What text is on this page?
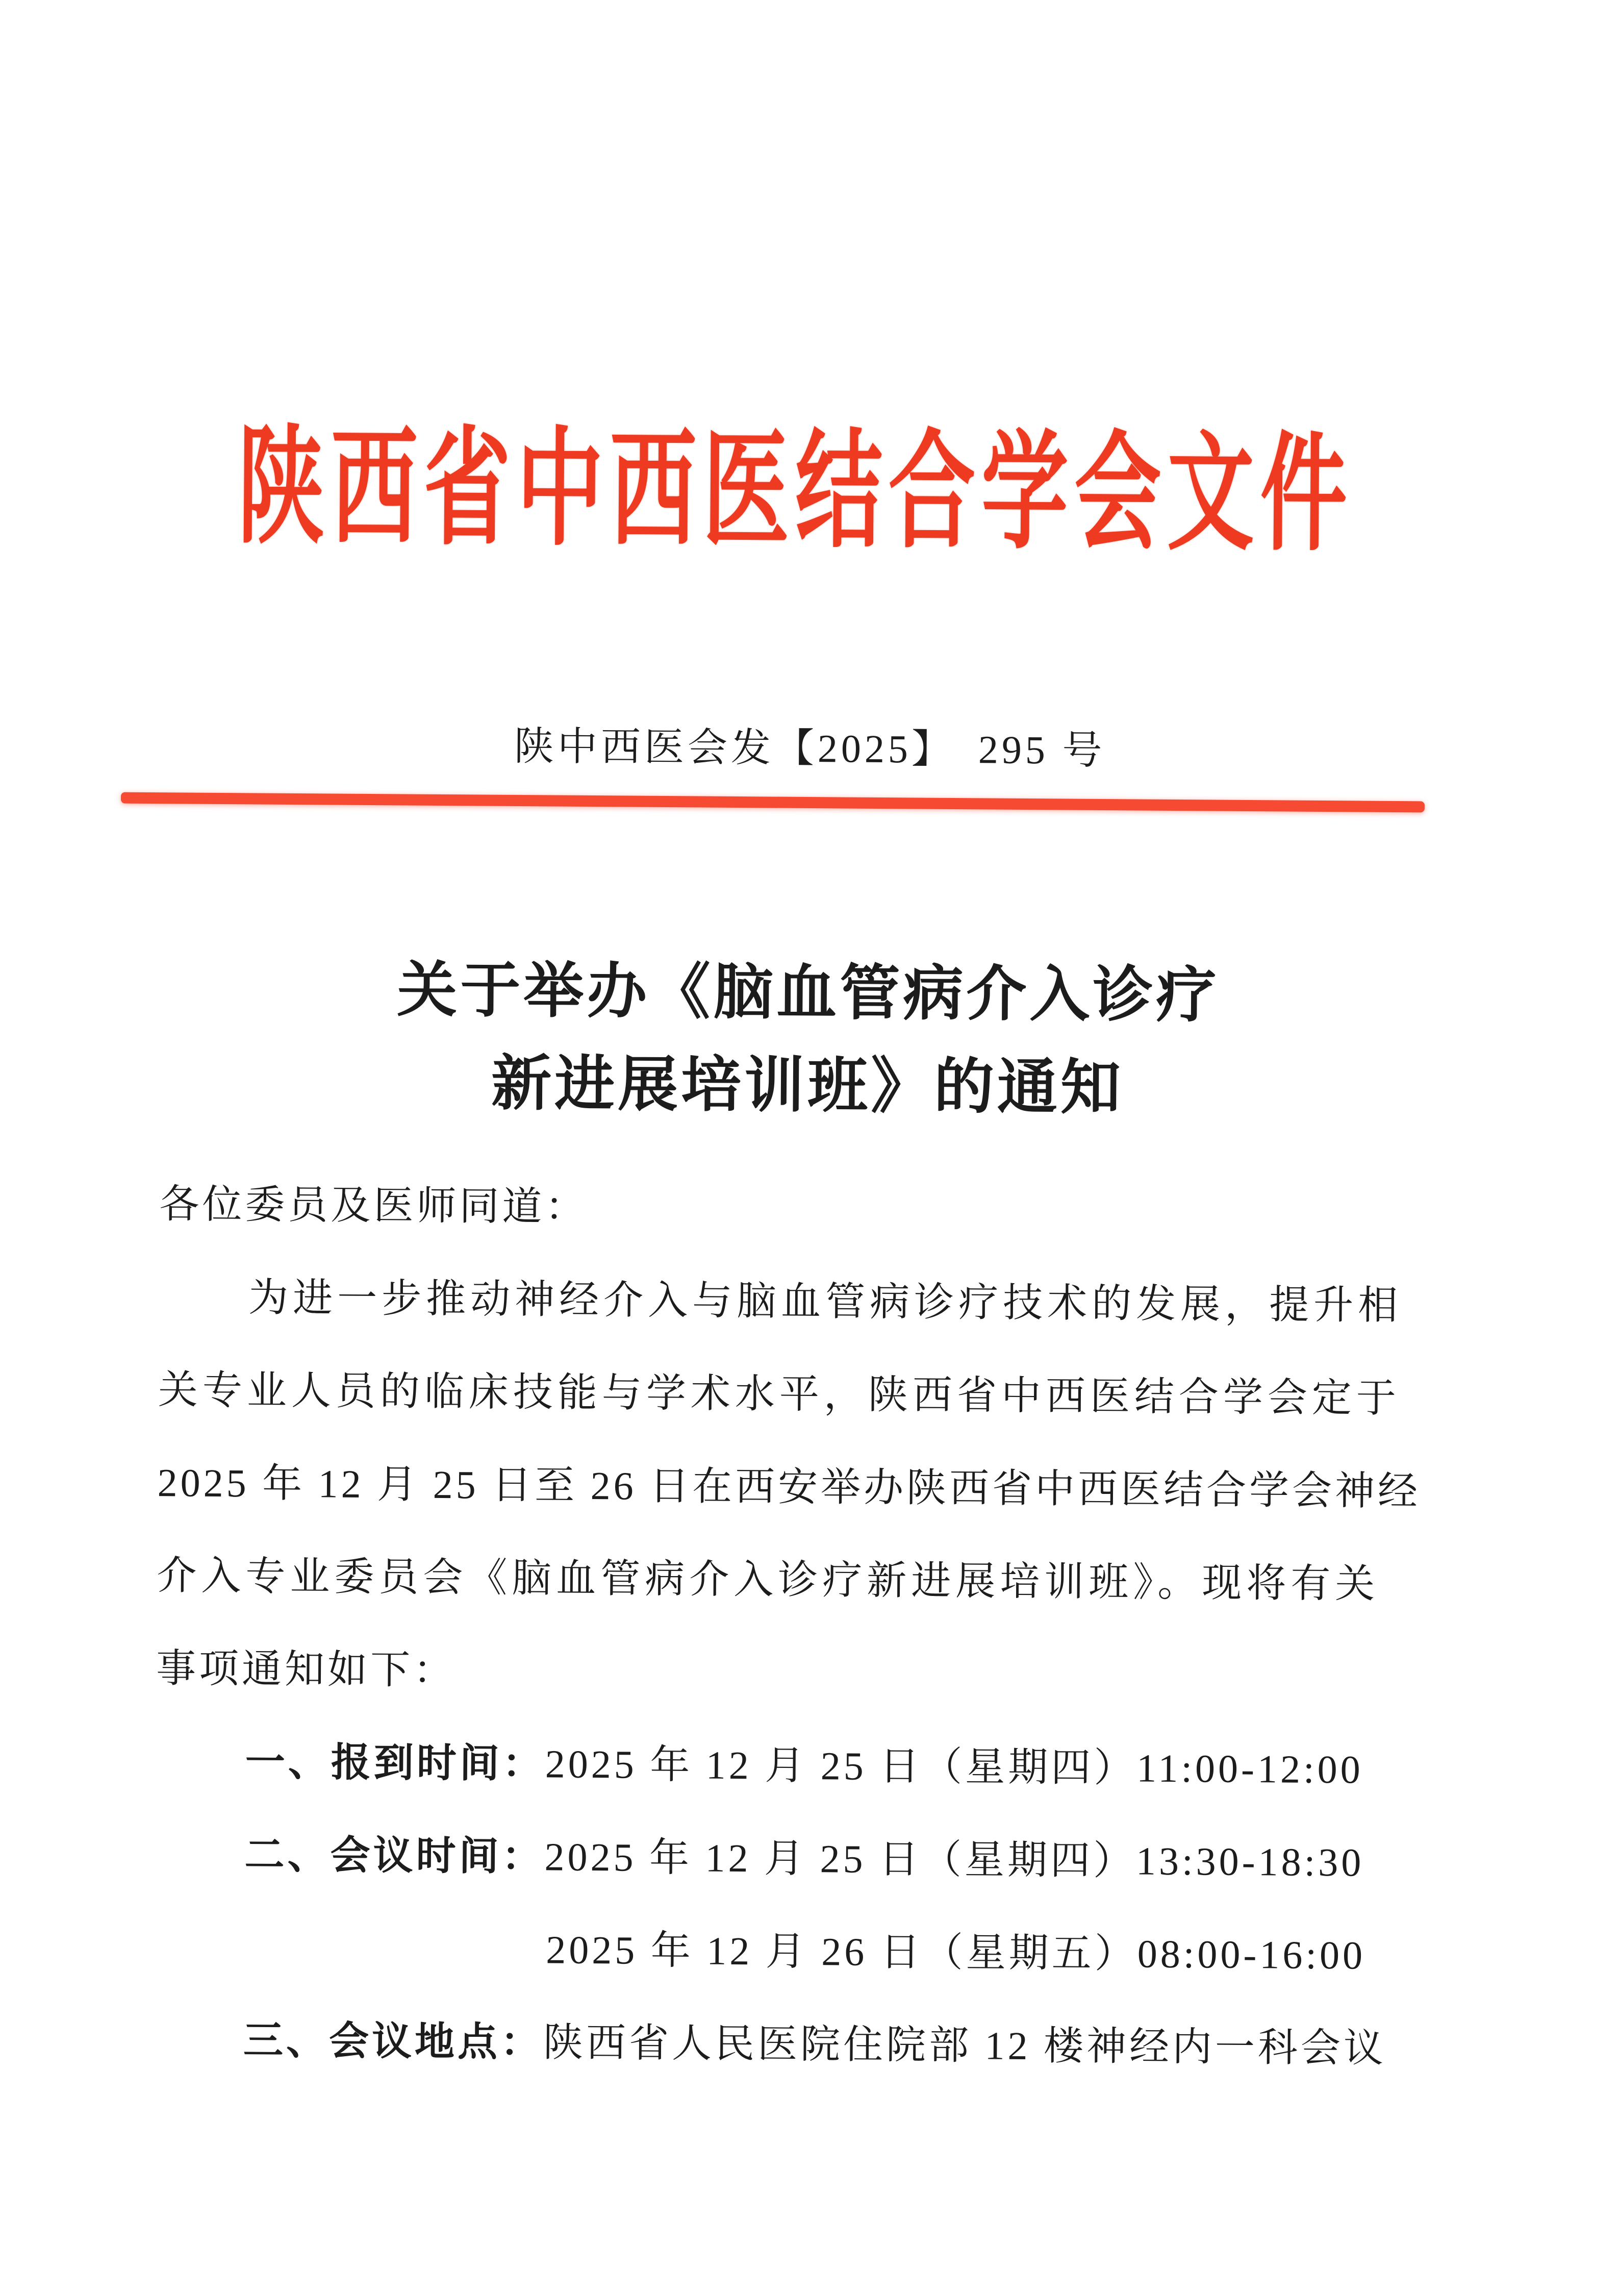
陕西省中西医结合学会文件
陕中西医会发【2025】　295 号
关于举办《脑血管病介入诊疗
新进展培训班》的通知
各位委员及医师同道：
为进一步推动神经介入与脑血管病诊疗技术的发展，提升相
关专业人员的临床技能与学术水平，陕西省中西医结合学会定于
2025 年 12 月 25 日至 26 日在西安举办陕西省中西医结合学会神经
介入专业委员会《脑血管病介入诊疗新进展培训班》。现将有关
事项通知如下：
一、报到时间：2025 年 12 月 25 日（星期四）11:00-12:00
二、会议时间：2025 年 12 月 25 日（星期四）13:30-18:30
2025 年 12 月 26 日（星期五）08:00-16:00
三、会议地点：陕西省人民医院住院部 12 楼神经内一科会议
